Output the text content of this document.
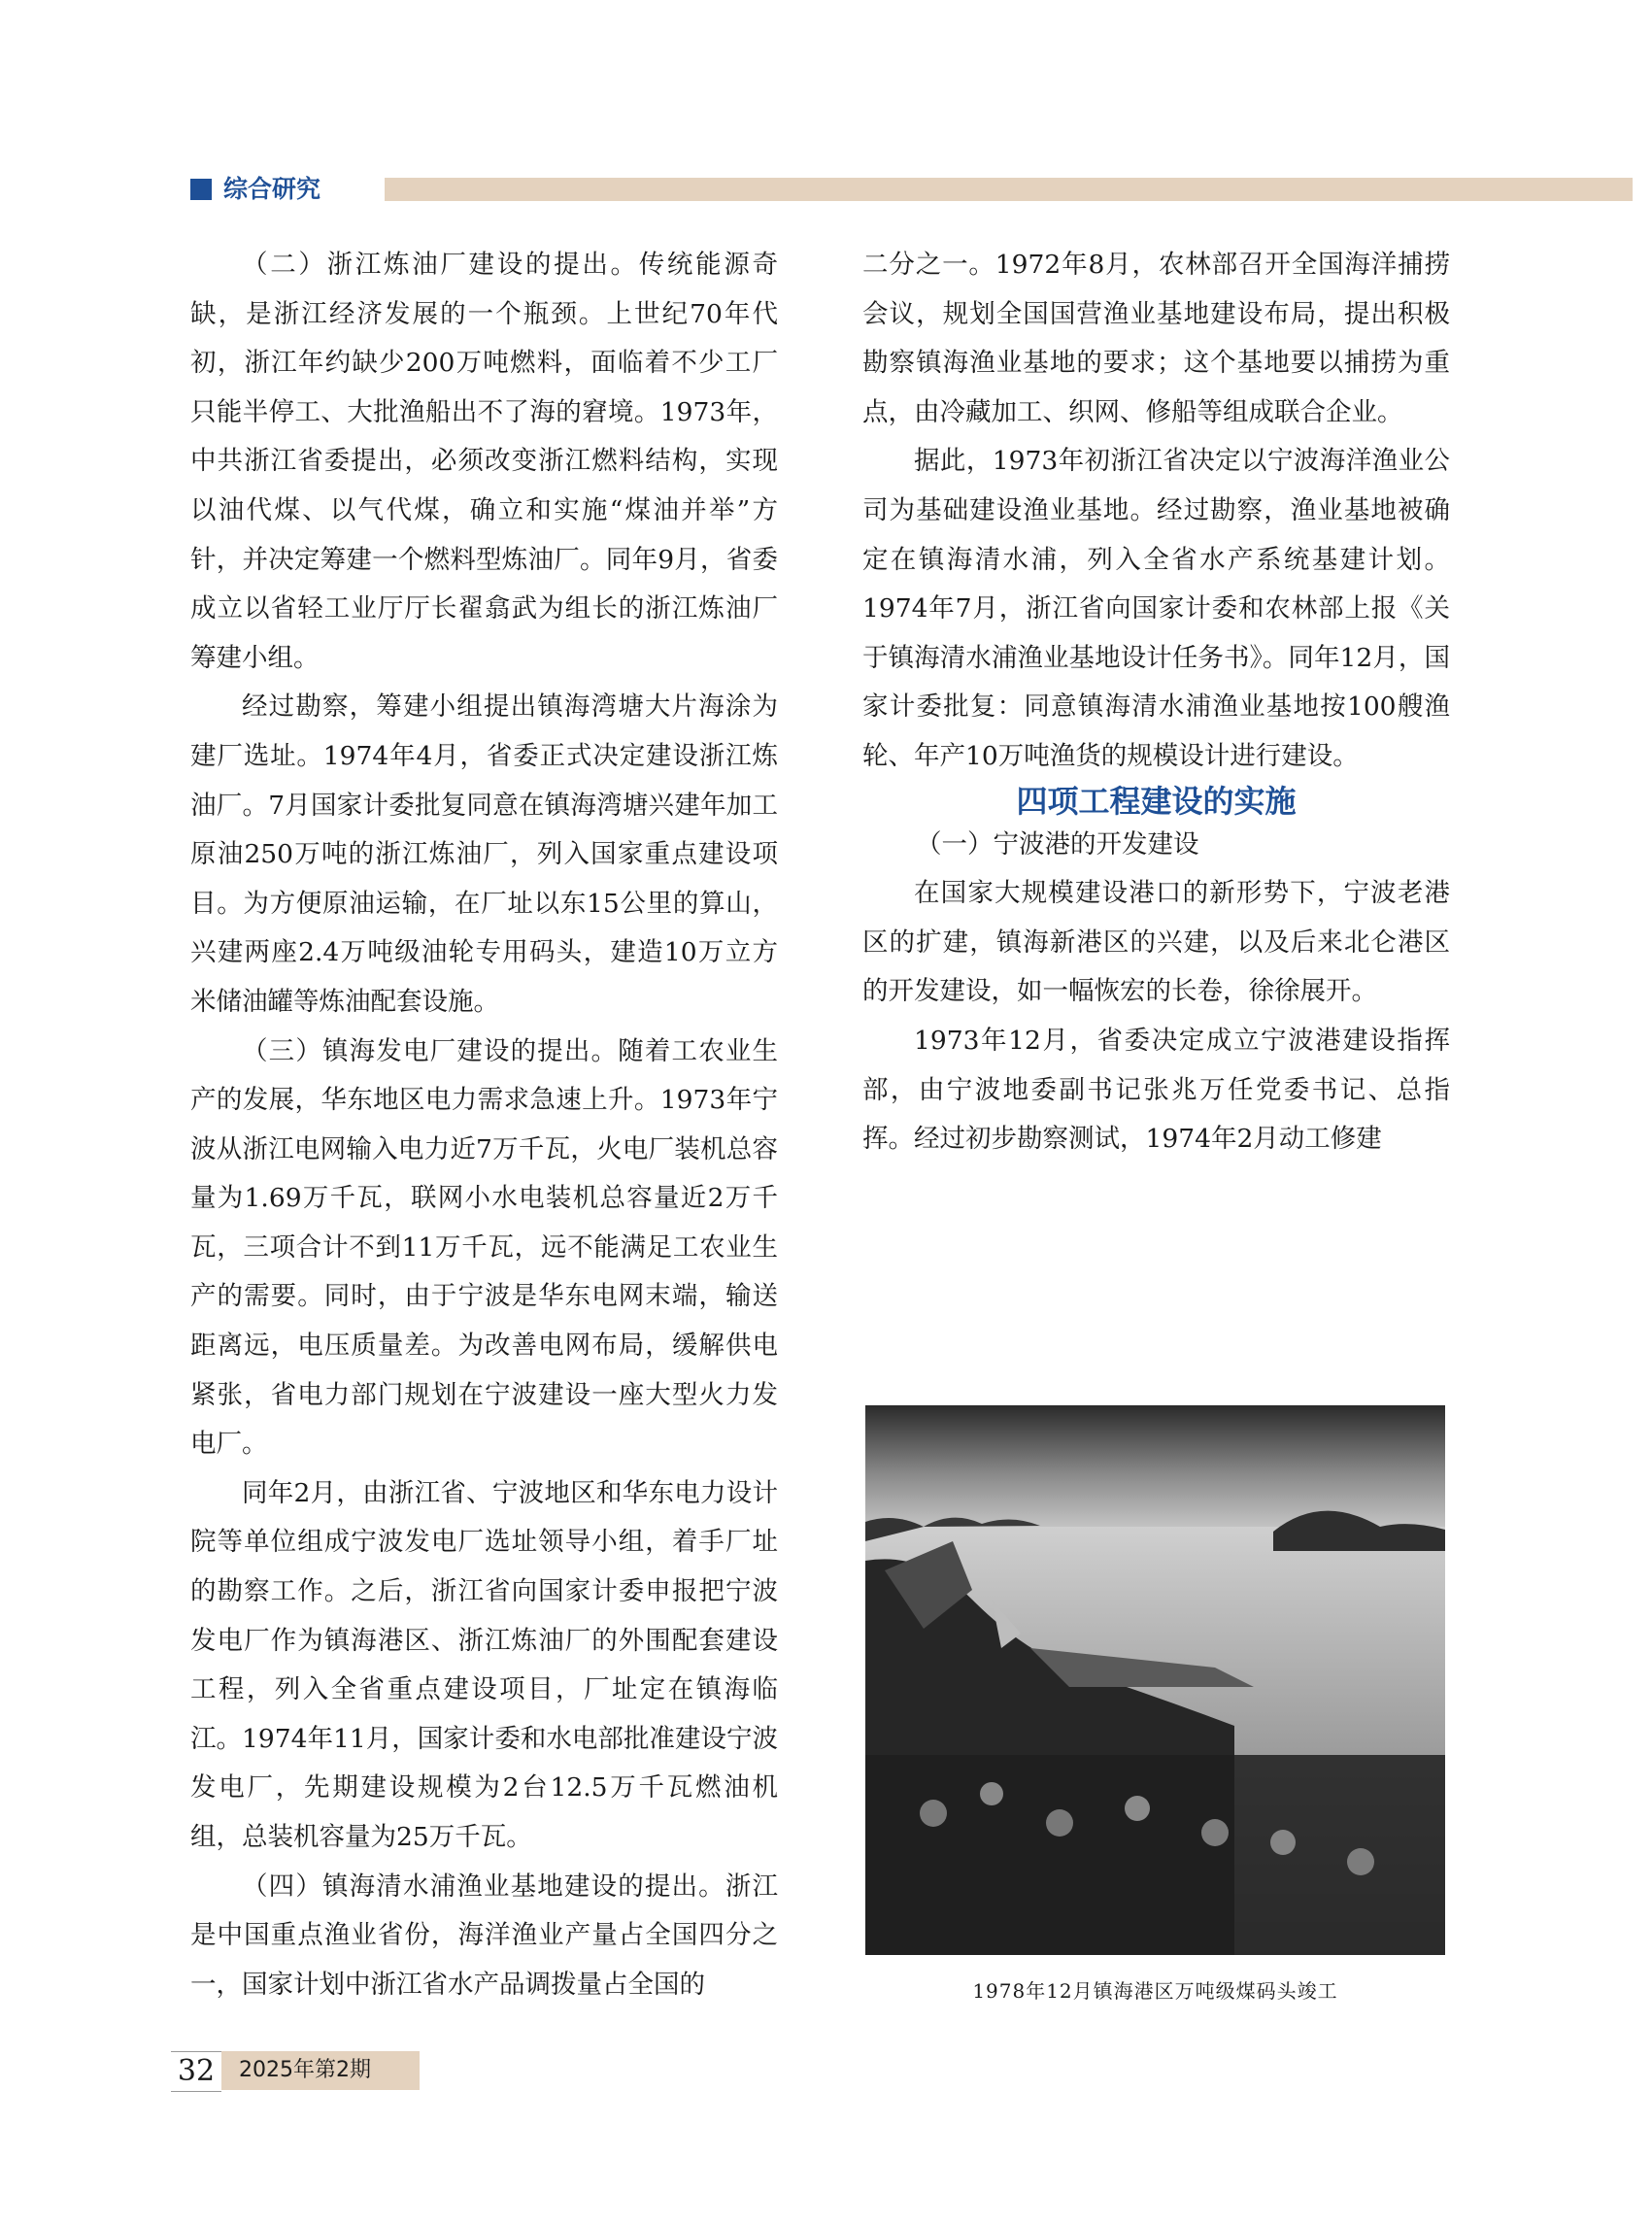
综合研究

（二）浙江炼油厂建设的提出。传统能源奇缺，是浙江经济发展的一个瓶颈。上世纪70年代初，浙江年约缺少200万吨燃料，面临着不少工厂只能半停工、大批渔船出不了海的窘境。1973年，中共浙江省委提出，必须改变浙江燃料结构，实现以油代煤、以气代煤，确立和实施“煤油并举”方针，并决定筹建一个燃料型炼油厂。同年9月，省委成立以省轻工业厅厅长翟翕武为组长的浙江炼油厂筹建小组。

经过勘察，筹建小组提出镇海湾塘大片海涂为建厂选址。1974年4月，省委正式决定建设浙江炼油厂。7月国家计委批复同意在镇海湾塘兴建年加工原油250万吨的浙江炼油厂，列入国家重点建设项目。为方便原油运输，在厂址以东15公里的算山，兴建两座2.4万吨级油轮专用码头，建造10万立方米储油罐等炼油配套设施。

（三）镇海发电厂建设的提出。随着工农业生产的发展，华东地区电力需求急速上升。1973年宁波从浙江电网输入电力近7万千瓦，火电厂装机总容量为1.69万千瓦，联网小水电装机总容量近2万千瓦，三项合计不到11万千瓦，远不能满足工农业生产的需要。同时，由于宁波是华东电网末端，输送距离远，电压质量差。为改善电网布局，缓解供电紧张，省电力部门规划在宁波建设一座大型火力发电厂。

同年2月，由浙江省、宁波地区和华东电力设计院等单位组成宁波发电厂选址领导小组，着手厂址的勘察工作。之后，浙江省向国家计委申报把宁波发电厂作为镇海港区、浙江炼油厂的外围配套建设工程，列入全省重点建设项目，厂址定在镇海临江。1974年11月，国家计委和水电部批准建设宁波发电厂，先期建设规模为2台12.5万千瓦燃油机组，总装机容量为25万千瓦。

（四）镇海清水浦渔业基地建设的提出。浙江是中国重点渔业省份，海洋渔业产量占全国四分之一，国家计划中浙江省水产品调拨量占全国的

二分之一。1972年8月，农林部召开全国海洋捕捞会议，规划全国国营渔业基地建设布局，提出积极勘察镇海渔业基地的要求；这个基地要以捕捞为重点，由冷藏加工、织网、修船等组成联合企业。

据此，1973年初浙江省决定以宁波海洋渔业公司为基础建设渔业基地。经过勘察，渔业基地被确定在镇海清水浦，列入全省水产系统基建计划。1974年7月，浙江省向国家计委和农林部上报《关于镇海清水浦渔业基地设计任务书》。同年12月，国家计委批复：同意镇海清水浦渔业基地按100艘渔轮、年产10万吨渔货的规模设计进行建设。

四项工程建设的实施

（一）宁波港的开发建设

在国家大规模建设港口的新形势下，宁波老港区的扩建，镇海新港区的兴建，以及后来北仑港区的开发建设，如一幅恢宏的长卷，徐徐展开。

1973年12月，省委决定成立宁波港建设指挥部，由宁波地委副书记张兆万任党委书记、总指挥。经过初步勘察测试，1974年2月动工修建

1978年12月镇海港区万吨级煤码头竣工
32	2025年第2期
